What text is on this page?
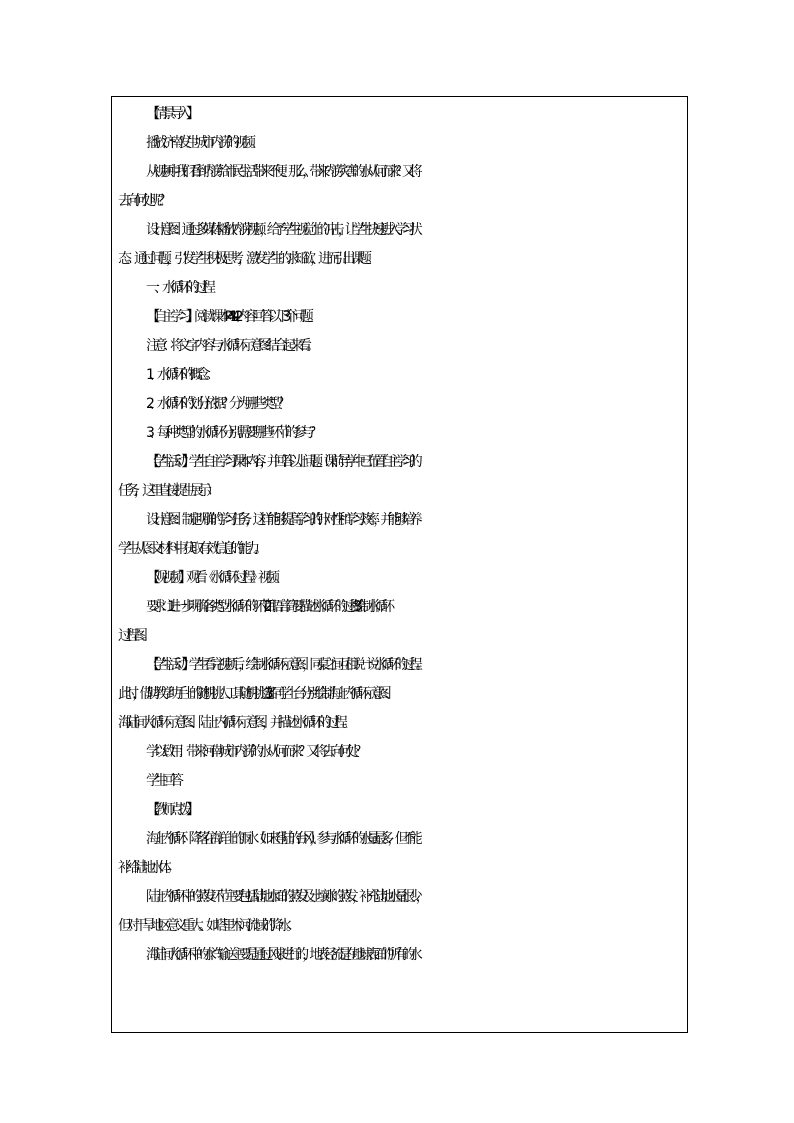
【情景导入】

播放济南发生城市内涝的视频。

从视频中我们看到内涝给市民生活带来不便。那么，带来内涝灾害的水从何而来？又将

去向何处呢？

设计意图：通过多媒体播放内涝视频，给予学生视觉上的冲击，让学生快速进入学习状

态。通过问题，引发学生积极思考，激发学生的求知欲，进而引出课题。

一、水循环的过程

【自主学习】阅读课本 P41-42 内容回答以下 3 个问题。

注意：将文字内容与水循环示意图结合起来看。

1、水循环的概念。

2、水循环的划分依据？分为哪些类型？

3、每种类型的水循环分别需要哪些环节的参与？

【学生活动】学生自主学习课本内容，并回答以上问题。（课前导学中已布置自主学习的

任务，这里直接提生展示）

设计意图：制定明确的学习任务，这样能够提高学习的针对性和学习效率，并能够培养

学生从图文材料中获取有效信息的能力。

【观视频】观看《水循环过程》视频。

要求：1.进一步明确各类型水循环的环节 2.用语言简要描述水循环的过程 3.绘制水循环

过程图。

【学生活动】学生看完视频后，绘制水循环示意图，同桌之间互相说一说水循环的过程。

此时，借助教学助手上的随机挑人工具随机挑选 3 名同学上台分别绘制海上内循环示意图、

海陆间大循环示意图、陆上内循环示意图，并描述水循环的过程。

学以致用：带来河南城市内涝的水从何而来？又将去向何处？

学生回答

【教师点拨】

海上内循环：降落在海洋上的雨水（如未登陆的台风），参与水循环的水量最多，但不能

补给陆地水体。

陆上内循环中的蒸发环节主要包括陆地水面的蒸发及土壤水的蒸发，补充陆地水量很少，

但对干旱地区意义重大。如塔里木河流域的降水。

海陆间大循环中的水汽输送主要是通过风来进行的，地表径流是在地球表面的所有的水
